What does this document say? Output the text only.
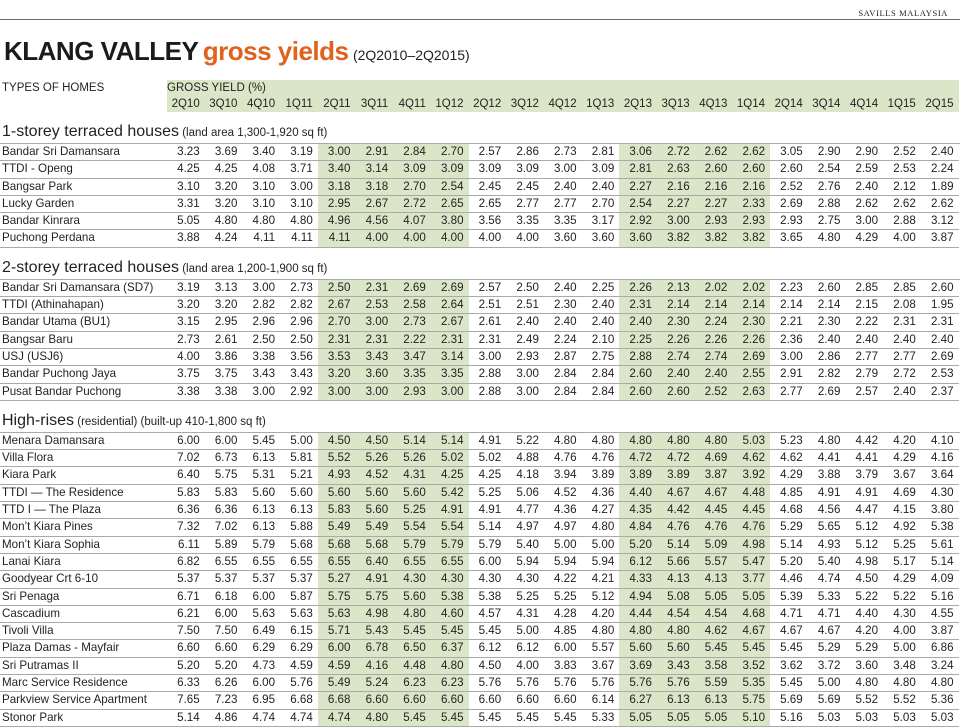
SAVILLS MALAYSIA
KLANG VALLEY gross yields (2Q2010–2Q2015)
TYPES OF HOMES	GROSS YIELD (%)																					
	2Q10	3Q10	4Q10	1Q11	2Q11	3Q11	4Q11	1Q12	2Q12	3Q12	4Q12	1Q13	2Q13	3Q13	4Q13	1Q14	2Q14	3Q14	4Q14	1Q15	2Q15	

1-storey terraced houses (land area 1,300-1,920 sq ft)																						
Bandar Sri Damansara	3.23	3.69	3.40	3.19	3.00	2.91	2.84	2.70	2.57	2.86	2.73	2.81	3.06	2.72	2.62	2.62	3.05	2.90	2.90	2.52	2.40	
TTDI - Openg	4.25	4.25	4.08	3.71	3.40	3.14	3.09	3.09	3.09	3.09	3.00	3.09	2.81	2.63	2.60	2.60	2.60	2.54	2.59	2.53	2.24	
Bangsar Park	3.10	3.20	3.10	3.00	3.18	3.18	2.70	2.54	2.45	2.45	2.40	2.40	2.27	2.16	2.16	2.16	2.52	2.76	2.40	2.12	1.89	
Lucky Garden	3.31	3.20	3.10	3.10	2.95	2.67	2.72	2.65	2.65	2.77	2.77	2.70	2.54	2.27	2.27	2.33	2.69	2.88	2.62	2.62	2.62	
Bandar Kinrara	5.05	4.80	4.80	4.80	4.96	4.56	4.07	3.80	3.56	3.35	3.35	3.17	2.92	3.00	2.93	2.93	2.93	2.75	3.00	2.88	3.12	
Puchong Perdana	3.88	4.24	4.11	4.11	4.11	4.00	4.00	4.00	4.00	4.00	3.60	3.60	3.60	3.82	3.82	3.82	3.65	4.80	4.29	4.00	3.87	

2-storey terraced houses (land area 1,200-1,900 sq ft)																						
Bandar Sri Damansara (SD7)	3.19	3.13	3.00	2.73	2.50	2.31	2.69	2.69	2.57	2.50	2.40	2.25	2.26	2.13	2.02	2.02	2.23	2.60	2.85	2.85	2.60	
TTDI (Athinahapan)	3.20	3.20	2.82	2.82	2.67	2.53	2.58	2.64	2.51	2.51	2.30	2.40	2.31	2.14	2.14	2.14	2.14	2.14	2.15	2.08	1.95	
Bandar Utama (BU1)	3.15	2.95	2.96	2.96	2.70	3.00	2.73	2.67	2.61	2.40	2.40	2.40	2.40	2.30	2.24	2.30	2.21	2.30	2.22	2.31	2.31	
Bangsar Baru	2.73	2.61	2.50	2.50	2.31	2.31	2.22	2.31	2.31	2.49	2.24	2.10	2.25	2.26	2.26	2.26	2.36	2.40	2.40	2.40	2.40	
USJ (USJ6)	4.00	3.86	3.38	3.56	3.53	3.43	3.47	3.14	3.00	2.93	2.87	2.75	2.88	2.74	2.74	2.69	3.00	2.86	2.77	2.77	2.69	
Bandar Puchong Jaya	3.75	3.75	3.43	3.43	3.20	3.60	3.35	3.35	2.88	3.00	2.84	2.84	2.60	2.40	2.40	2.55	2.91	2.82	2.79	2.72	2.53	
Pusat Bandar Puchong	3.38	3.38	3.00	2.92	3.00	3.00	2.93	3.00	2.88	3.00	2.84	2.84	2.60	2.60	2.52	2.63	2.77	2.69	2.57	2.40	2.37	

High-rises (residential) (built-up 410-1,800 sq ft)																						
Menara Damansara	6.00	6.00	5.45	5.00	4.50	4.50	5.14	5.14	4.91	5.22	4.80	4.80	4.80	4.80	4.80	5.03	5.23	4.80	4.42	4.20	4.10	
Villa Flora	7.02	6.73	6.13	5.81	5.52	5.26	5.26	5.02	5.02	4.88	4.76	4.76	4.72	4.72	4.69	4.62	4.62	4.41	4.41	4.29	4.16	
Kiara Park	6.40	5.75	5.31	5.21	4.93	4.52	4.31	4.25	4.25	4.18	3.94	3.89	3.89	3.89	3.87	3.92	4.29	3.88	3.79	3.67	3.64	
TTDI — The Residence	5.83	5.83	5.60	5.60	5.60	5.60	5.60	5.42	5.25	5.06	4.52	4.36	4.40	4.67	4.67	4.48	4.85	4.91	4.91	4.69	4.30	
TTD I — The Plaza	6.36	6.36	6.13	6.13	5.83	5.60	5.25	4.91	4.91	4.77	4.36	4.27	4.35	4.42	4.45	4.45	4.68	4.56	4.47	4.15	3.80	
Mon’t Kiara Pines	7.32	7.02	6.13	5.88	5.49	5.49	5.54	5.54	5.14	4.97	4.97	4.80	4.84	4.76	4.76	4.76	5.29	5.65	5.12	4.92	5.38	
Mon’t Kiara Sophia	6.11	5.89	5.79	5.68	5.68	5.68	5.79	5.79	5.79	5.40	5.00	5.00	5.20	5.14	5.09	4.98	5.14	4.93	5.12	5.25	5.61	
Lanai Kiara	6.82	6.55	6.55	6.55	6.55	6.40	6.55	6.55	6.00	5.94	5.94	5.94	6.12	5.66	5.57	5.47	5.20	5.40	4.98	5.17	5.14	
Goodyear Crt 6-10	5.37	5.37	5.37	5.37	5.27	4.91	4.30	4.30	4.30	4.30	4.22	4.21	4.33	4.13	4.13	3.77	4.46	4.74	4.50	4.29	4.09	
Sri Penaga	6.71	6.18	6.00	5.87	5.75	5.75	5.60	5.38	5.38	5.25	5.25	5.12	4.94	5.08	5.05	5.05	5.39	5.33	5.22	5.22	5.16	
Cascadium	6.21	6.00	5.63	5.63	5.63	4.98	4.80	4.60	4.57	4.31	4.28	4.20	4.44	4.54	4.54	4.68	4.71	4.71	4.40	4.30	4.55	
Tivoli Villa	7.50	7.50	6.49	6.15	5.71	5.43	5.45	5.45	5.45	5.00	4.85	4.80	4.80	4.80	4.62	4.67	4.67	4.67	4.20	4.00	3.87	
Plaza Damas - Mayfair	6.60	6.60	6.29	6.29	6.00	6.78	6.50	6.37	6.12	6.12	6.00	5.57	5.60	5.60	5.45	5.45	5.45	5.29	5.29	5.00	6.86	
Sri Putramas II	5.20	5.20	4.73	4.59	4.59	4.16	4.48	4.80	4.50	4.00	3.83	3.67	3.69	3.43	3.58	3.52	3.62	3.72	3.60	3.48	3.24	
Marc Service Residence	6.33	6.26	6.00	5.76	5.49	5.24	6.23	6.23	5.76	5.76	5.76	5.76	5.76	5.76	5.59	5.35	5.45	5.00	4.80	4.80	4.80	
Parkview Service Apartment	7.65	7.23	6.95	6.68	6.68	6.60	6.60	6.60	6.60	6.60	6.60	6.14	6.27	6.13	6.13	5.75	5.69	5.69	5.52	5.52	5.36	
Stonor Park	5.14	4.86	4.74	4.74	4.74	4.80	5.45	5.45	5.45	5.45	5.45	5.33	5.05	5.05	5.05	5.10	5.16	5.03	5.03	5.03	5.03	
